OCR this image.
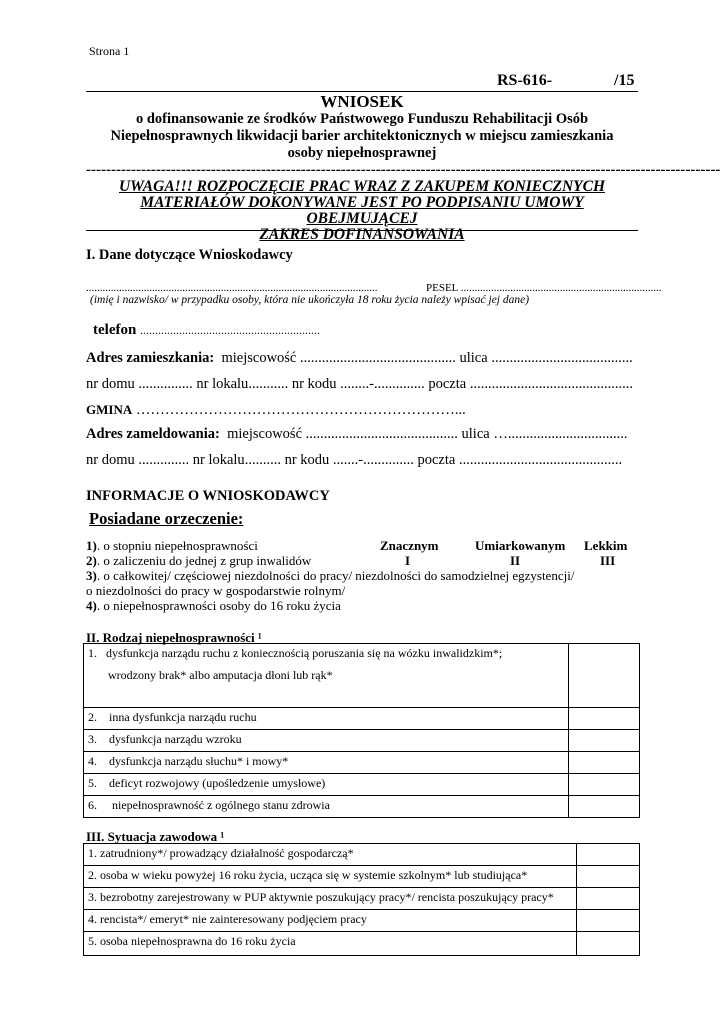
Strona 1
RS-616-	/15
WNIOSEK
o dofinansowanie ze środków Państwowego Funduszu Rehabilitacji Osób
Niepełnosprawnych likwidacji barier architektonicznych w miejscu zamieszkania
osoby niepełnosprawnej
-------------------------------------------------------------------------------------------------------------------------------
UWAGA!!! ROZPOCZĘCIE PRAC WRAZ Z ZAKUPEM KONIECZNYCH
MATERIAŁÓW DOKONYWANE JEST PO PODPISANIU UMOWY OBEJMUJĄCEJ
ZAKRES DOFINANSOWANIA
I. Dane dotyczące Wnioskodawcy
..........................................................................................................	PESEL .........................................................................
(imię i nazwisko/ w przypadku osoby, która nie ukończyła 18 roku życia należy wpisać jej dane)
telefon ............................................................
Adres zamieszkania: miejscowość ........................................... ulica .......................................
nr domu ............... nr lokalu........... nr kodu ........-.............. poczta .............................................
GMINA …………………………………………………………...
Adres zameldowania: miejscowość .......................................... ulica ….................................
nr domu .............. nr lokalu.......... nr kodu .......-.............. poczta .............................................
INFORMACJE O WNIOSKODAWCY
Posiadane orzeczenie:
1). o stopniu niepełnosprawności
2). o zaliczeniu do jednej z grup inwalidów
3). o całkowitej/ częściowej niezdolności do pracy/ niezdolności do samodzielnej egzystencji/
o niezdolności do pracy w gospodarstwie rolnym/
4). o niepełnosprawności osoby do 16 roku życia
Znacznym	Umiarkowanym Lekkim
I	II	III
II. Rodzaj niepełnosprawności ¹
1. dysfunkcja narządu ruchu z koniecznością poruszania się na wózku inwalidzkim*;

wrodzony brak* albo amputacja dłoni lub rąk*	

2. inna dysfunkcja narządu ruchu	
3. dysfunkcja narządu wzroku	
4. dysfunkcja narządu słuchu* i mowy*	
5. deficyt rozwojowy (upośledzenie umysłowe)	
6. niepełnosprawność z ogólnego stanu zdrowia	
III. Sytuacja zawodowa ¹
1. zatrudniony*/ prowadzący działalność gospodarczą*	
2. osoba w wieku powyżej 16 roku życia, ucząca się w systemie szkolnym* lub studiująca*	
3. bezrobotny zarejestrowany w PUP aktywnie poszukujący pracy*/ rencista poszukujący pracy*	
4. rencista*/ emeryt* nie zainteresowany podjęciem pracy	
5. osoba niepełnosprawna do 16 roku życia	
